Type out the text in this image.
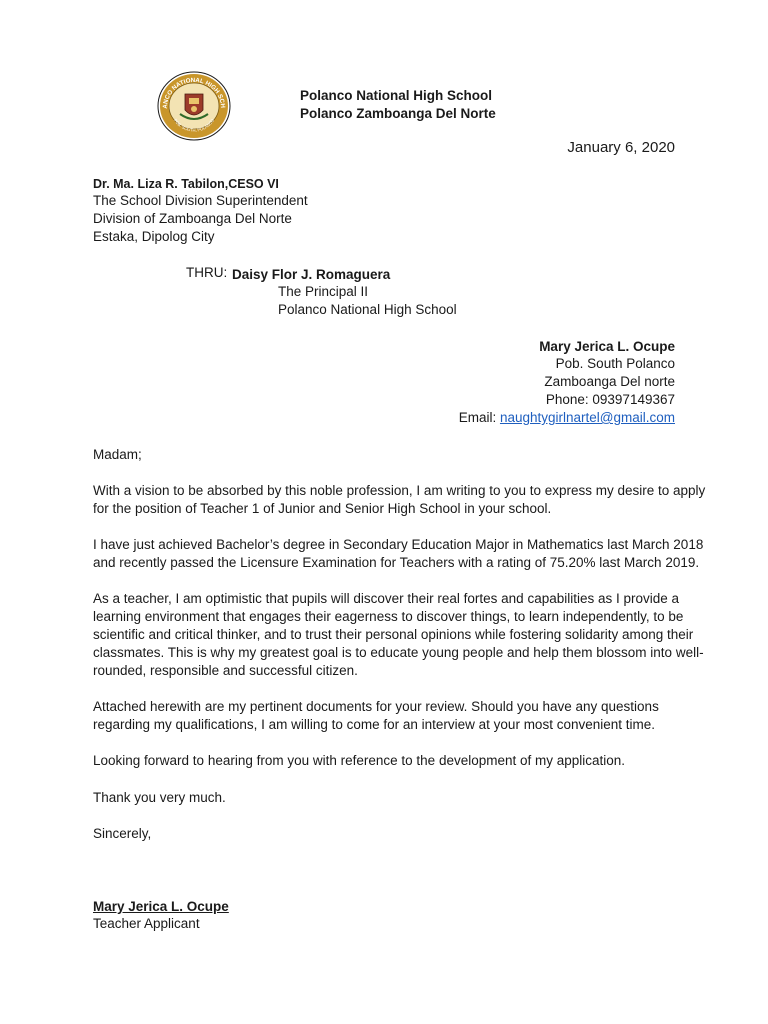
ANCO NATIONAL HIGH SCH
POB. SOUTH, POLANCO
Polanco National High School
Polanco Zamboanga Del Norte
January 6, 2020
Dr. Ma. Liza R. Tabilon,CESO VI
The School Division Superintendent
Division of Zamboanga Del Norte
Estaka, Dipolog City
THRU: Daisy Flor J. Romaguera
The Principal II
Polanco National High School
Mary Jerica L. Ocupe
Pob. South Polanco
Zamboanga Del norte
Phone: 09397149367
Email: naughtygirlnartel@gmail.com
Madam;
With a vision to be absorbed by this noble profession, I am writing to you to express my desire to apply
for the position of Teacher 1 of Junior and Senior High School in your school.
I have just achieved Bachelor’s degree in Secondary Education Major in Mathematics last March 2018
and recently passed the Licensure Examination for Teachers with a rating of 75.20% last March 2019.
As a teacher, I am optimistic that pupils will discover their real fortes and capabilities as I provide a
learning environment that engages their eagerness to discover things, to learn independently, to be
scientific and critical thinker, and to trust their personal opinions while fostering solidarity among their
classmates. This is why my greatest goal is to educate young people and help them blossom into well-
rounded, responsible and successful citizen.
Attached herewith are my pertinent documents for your review. Should you have any questions
regarding my qualifications, I am willing to come for an interview at your most convenient time.
Looking forward to hearing from you with reference to the development of my application.
Thank you very much.
Sincerely,
Mary Jerica L. Ocupe
Teacher Applicant
